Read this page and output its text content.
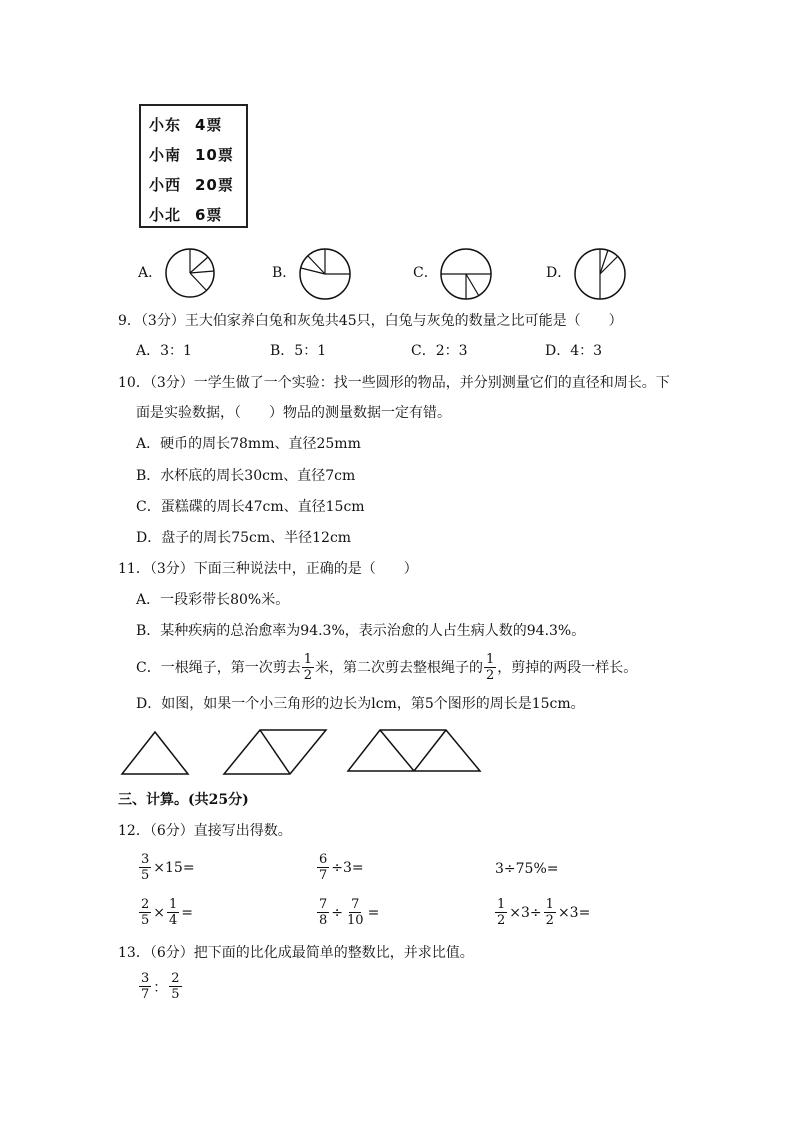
小东 4票
小南 10票
小西 20票
小北 6票
A．	B．	C．	D．
9．（3分）王大伯家养白兔和灰兔共45只，白兔与灰兔的数量之比可能是（　　）
A．3：1	B．5：1	C．2：3	D．4：3
10．（3分）一学生做了一个实验：找一些圆形的物品，并分别测量它们的直径和周长。下
面是实验数据，（　　）物品的测量数据一定有错。
A．硬币的周长78mm、直径25mm
B．水杯底的周长30cm、直径7cm
C．蛋糕碟的周长47cm、直径15cm
D．盘子的周长75cm、半径12cm
11．（3分）下面三种说法中，正确的是（　　）
A．一段彩带长80%米。
B．某种疾病的总治愈率为94.3%，表示治愈的人占生病人数的94.3%。
C．一根绳子，第一次剪去 $\frac{1}{2}$ 米，第二次剪去整根绳子的 $\frac{1}{2}$ ，剪掉的两段一样长。
D．如图，如果一个小三角形的边长为lcm，第5个图形的周长是15cm。
三、计算。(共25分)
12．（6分）直接写出得数。
$\frac{3}{5} \times 15=$	$\frac{6}{7} \div 3=$	3÷75%=
$\frac{2}{5} \times \frac{1}{4}$ =	$\frac{7}{8} \div \frac{7}{10}$ =	$\frac{1}{2} \times 3\div \frac{1}{2} \times 3=$
13．（6分）把下面的比化成最简单的整数比，并求比值。
$\frac{3}{7}$ ： $\frac{2}{5}$
